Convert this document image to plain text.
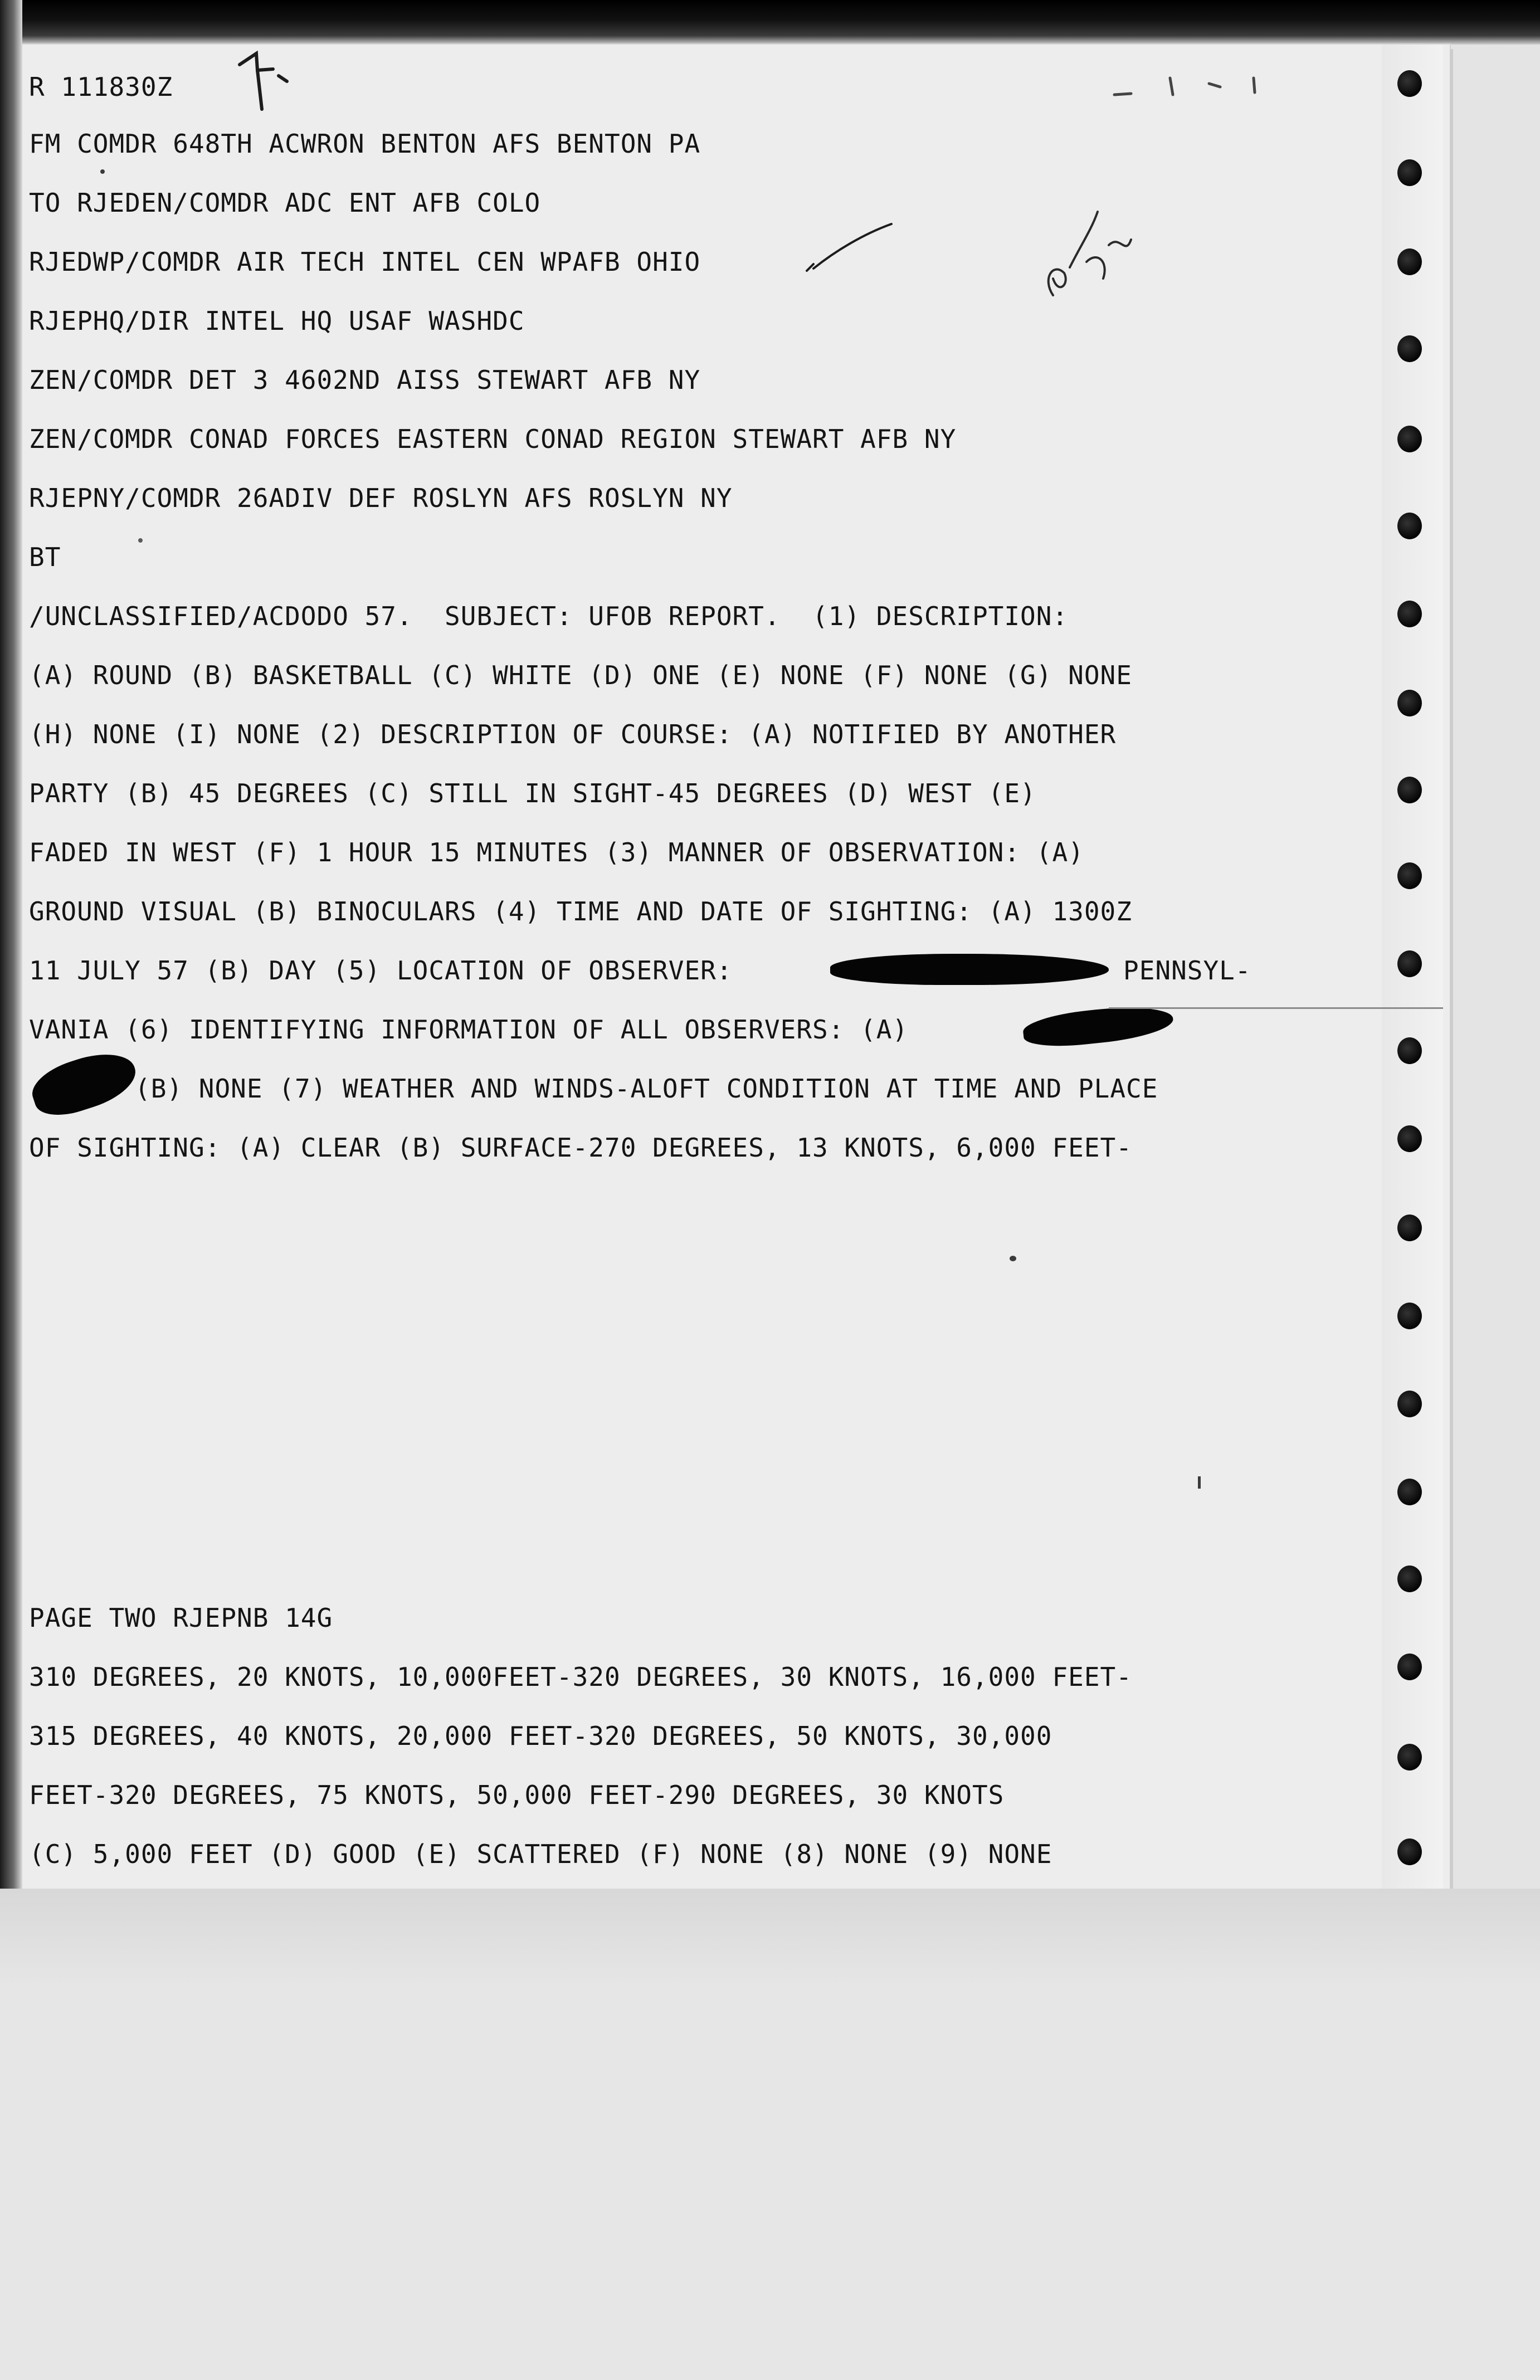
R 111830Z
FM COMDR 648TH ACWRON BENTON AFS BENTON PA
TO RJEDEN/COMDR ADC ENT AFB COLO
RJEDWP/COMDR AIR TECH INTEL CEN WPAFB OHIO
RJEPHQ/DIR INTEL HQ USAF WASHDC
ZEN/COMDR DET 3 4602ND AISS STEWART AFB NY
ZEN/COMDR CONAD FORCES EASTERN CONAD REGION STEWART AFB NY
RJEPNY/COMDR 26ADIV DEF ROSLYN AFS ROSLYN NY
BT
/UNCLASSIFIED/ACDODO 57.  SUBJECT: UFOB REPORT.  (1) DESCRIPTION:
(A) ROUND (B) BASKETBALL (C) WHITE (D) ONE (E) NONE (F) NONE (G) NONE
(H) NONE (I) NONE (2) DESCRIPTION OF COURSE: (A) NOTIFIED BY ANOTHER
PARTY (B) 45 DEGREES (C) STILL IN SIGHT-45 DEGREES (D) WEST (E)
FADED IN WEST (F) 1 HOUR 15 MINUTES (3) MANNER OF OBSERVATION: (A)
GROUND VISUAL (B) BINOCULARS (4) TIME AND DATE OF SIGHTING: (A) 1300Z
11 JULY 57 (B) DAY (5) LOCATION OF OBSERVER:	PENNSYL-
VANIA (6) IDENTIFYING INFORMATION OF ALL OBSERVERS: (A)
(B) NONE (7) WEATHER AND WINDS-ALOFT CONDITION AT TIME AND PLACE
OF SIGHTING: (A) CLEAR (B) SURFACE-270 DEGREES, 13 KNOTS, 6,000 FEET-
PAGE TWO RJEPNB 14G
310 DEGREES, 20 KNOTS, 10,000FEET-320 DEGREES, 30 KNOTS, 16,000 FEET-
315 DEGREES, 40 KNOTS, 20,000 FEET-320 DEGREES, 50 KNOTS, 30,000
FEET-320 DEGREES, 75 KNOTS, 50,000 FEET-290 DEGREES, 30 KNOTS
(C) 5,000 FEET (D) GOOD (E) SCATTERED (F) NONE (8) NONE (9) NONE
